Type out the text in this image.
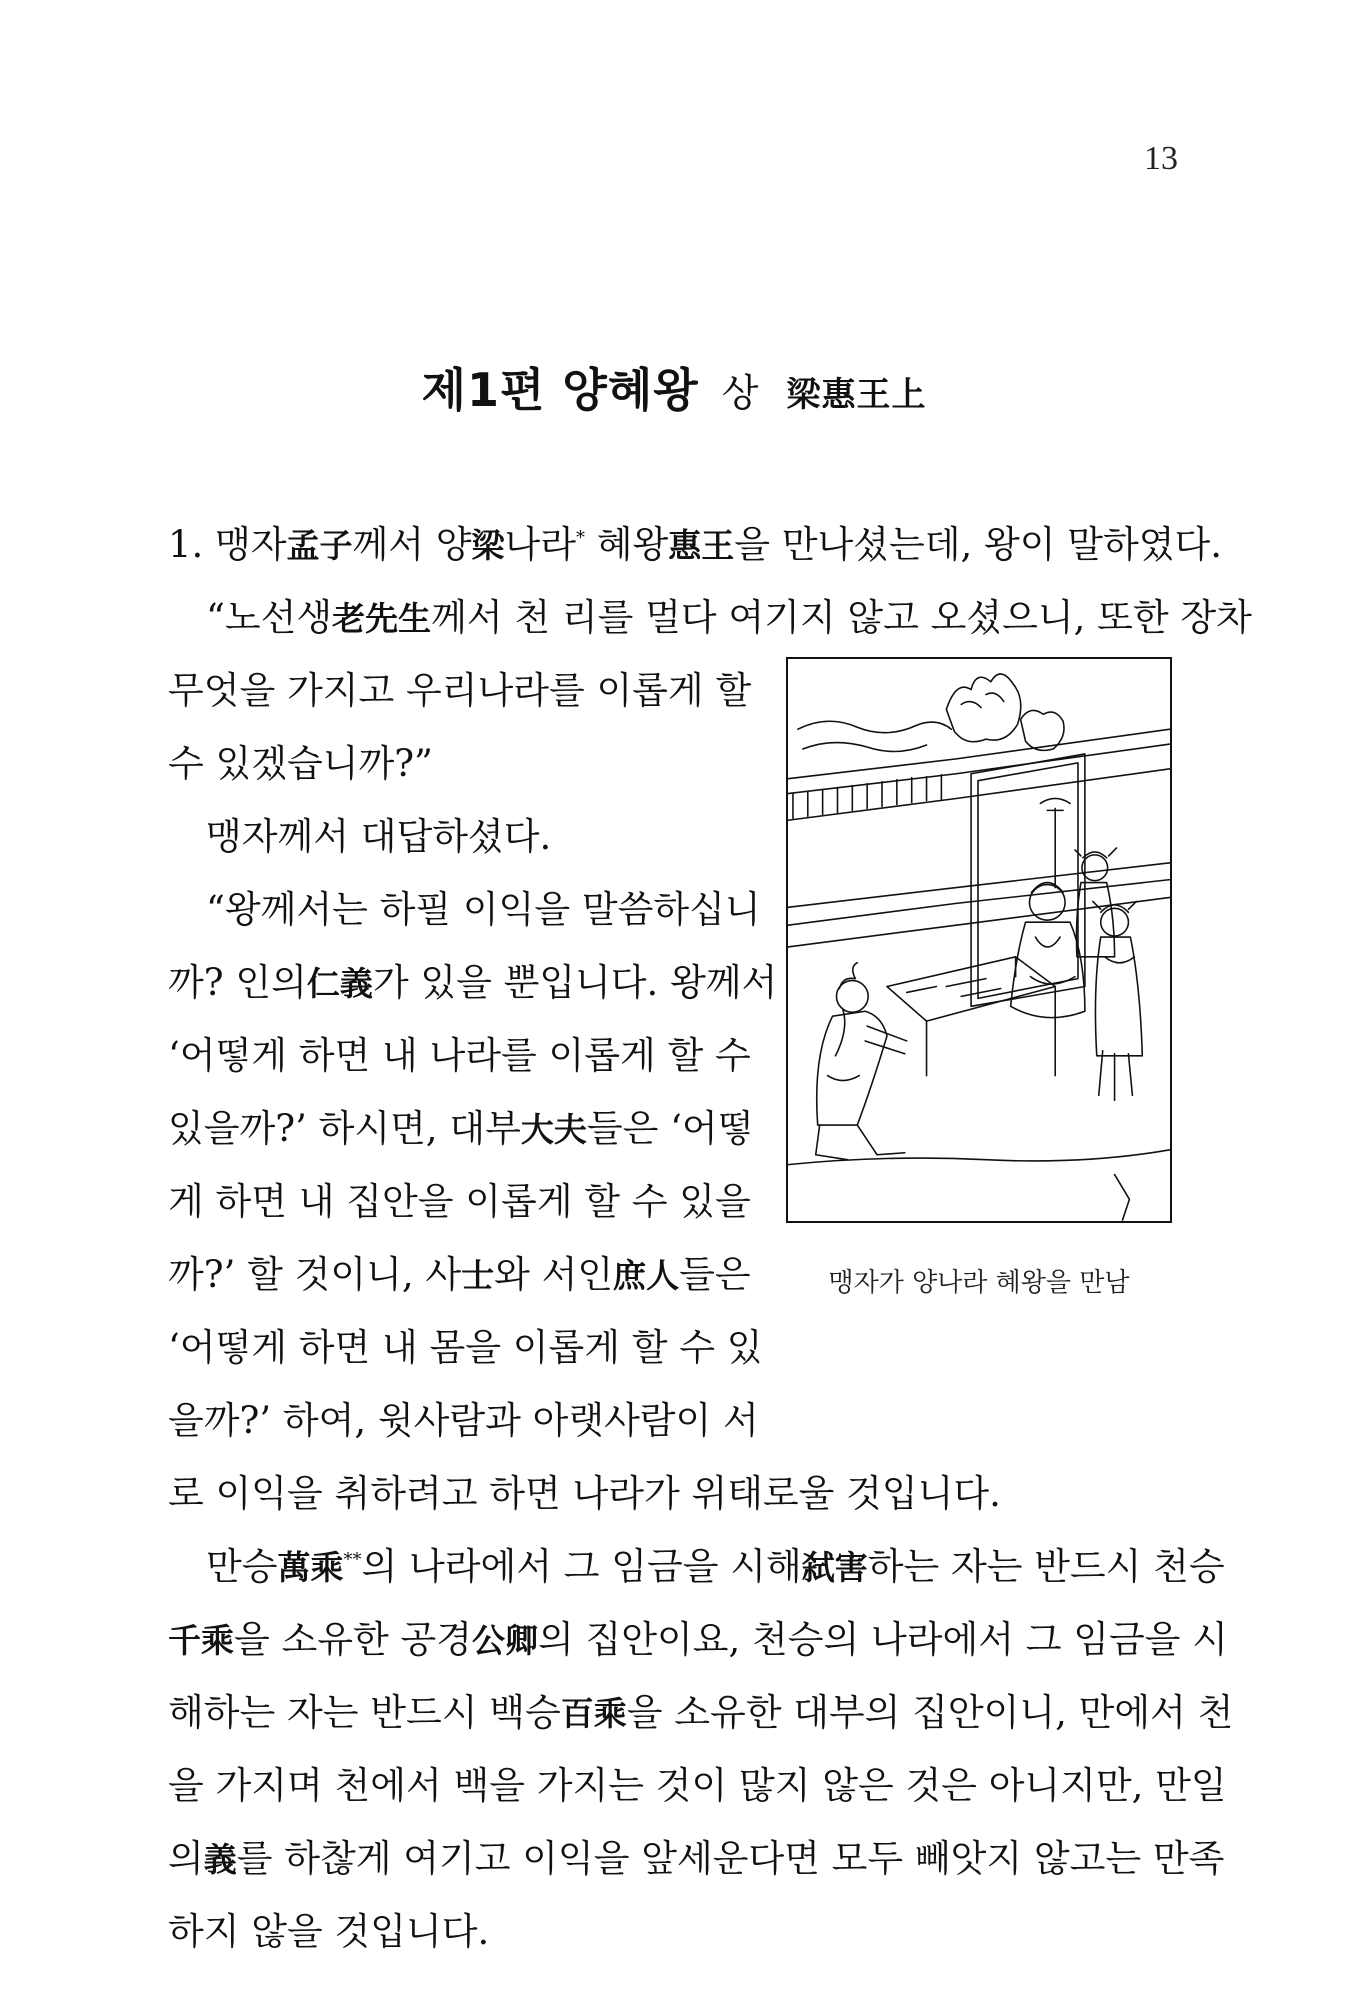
13
제1편 양혜왕 상 梁惠王上
1. 맹자孟子께서 양梁나라* 혜왕惠王을 만나셨는데, 왕이 말하였다.
“노선생老先生께서 천 리를 멀다 여기지 않고 오셨으니, 또한 장차
무엇을 가지고 우리나라를 이롭게 할
수 있겠습니까?”
맹자께서 대답하셨다.
“왕께서는 하필 이익을 말씀하십니
까? 인의仁義가 있을 뿐입니다. 왕께서
‘어떻게 하면 내 나라를 이롭게 할 수
있을까?’ 하시면, 대부大夫들은 ‘어떻
게 하면 내 집안을 이롭게 할 수 있을
까?’ 할 것이니, 사士와 서인庶人들은
‘어떻게 하면 내 몸을 이롭게 할 수 있
을까?’ 하여, 윗사람과 아랫사람이 서
로 이익을 취하려고 하면 나라가 위태로울 것입니다.
만승萬乘**의 나라에서 그 임금을 시해弑害하는 자는 반드시 천승
千乘을 소유한 공경公卿의 집안이요, 천승의 나라에서 그 임금을 시
해하는 자는 반드시 백승百乘을 소유한 대부의 집안이니, 만에서 천
을 가지며 천에서 백을 가지는 것이 많지 않은 것은 아니지만, 만일
의義를 하찮게 여기고 이익을 앞세운다면 모두 빼앗지 않고는 만족
하지 않을 것입니다.
맹자가 양나라 혜왕을 만남
